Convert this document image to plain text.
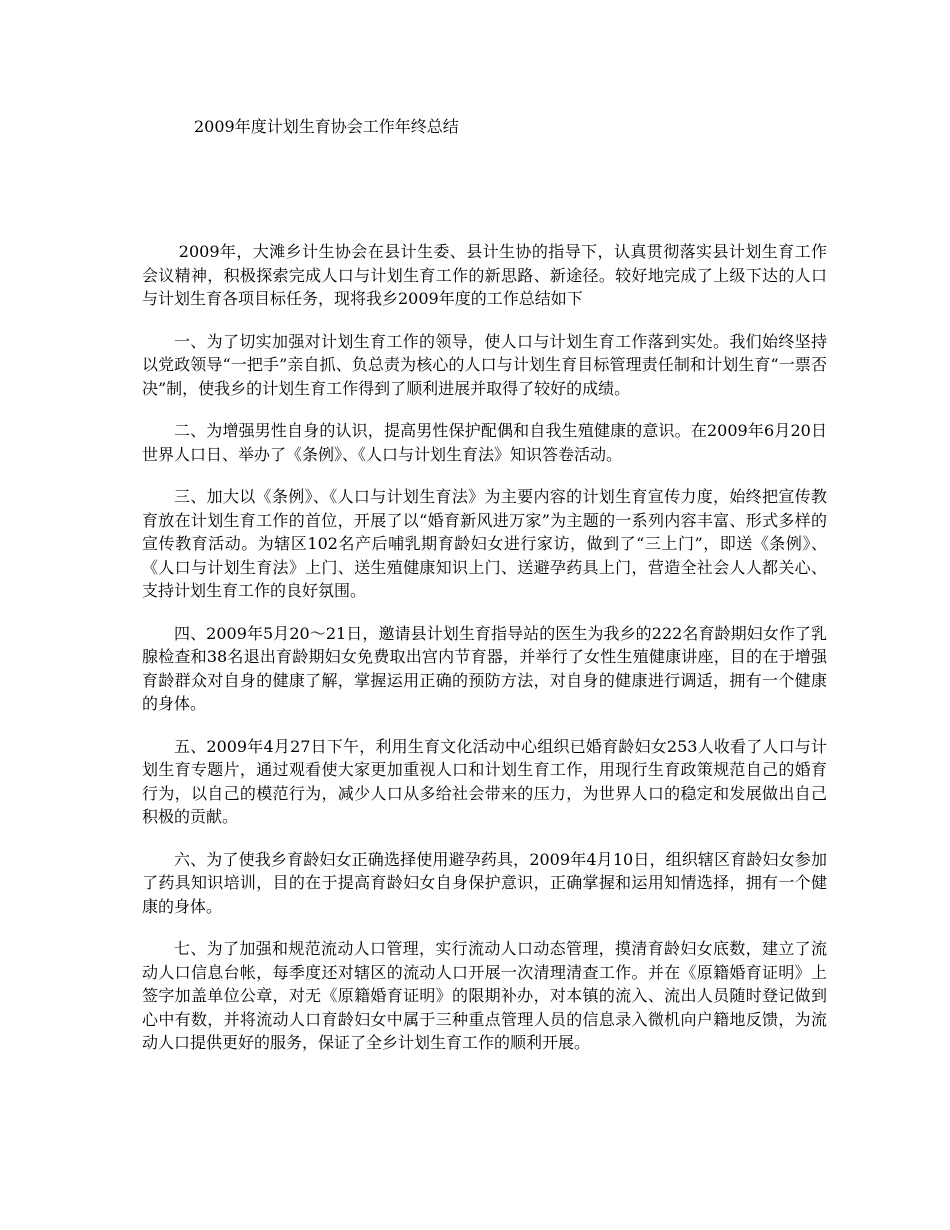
2009年度计划生育协会工作年终总结

2009年，大滩乡计生协会在县计生委、县计生协的指导下，认真贯彻落实县计划生育工作会议精神，积极探索完成人口与计划生育工作的新思路、新途径。较好地完成了上级下达的人口与计划生育各项目标任务，现将我乡2009年度的工作总结如下

一、为了切实加强对计划生育工作的领导，使人口与计划生育工作落到实处。我们始终坚持以党政领导“一把手”亲自抓、负总责为核心的人口与计划生育目标管理责任制和计划生育“一票否决”制，使我乡的计划生育工作得到了顺利进展并取得了较好的成绩。

二、为增强男性自身的认识，提高男性保护配偶和自我生殖健康的意识。在2009年6月20日世界人口日、举办了《条例》、《人口与计划生育法》知识答卷活动。

三、加大以《条例》、《人口与计划生育法》为主要内容的计划生育宣传力度，始终把宣传教育放在计划生育工作的首位，开展了以“婚育新风进万家”为主题的一系列内容丰富、形式多样的宣传教育活动。为辖区102名产后哺乳期育龄妇女进行家访，做到了“三上门”，即送《条例》、《人口与计划生育法》上门、送生殖健康知识上门、送避孕药具上门，营造全社会人人都关心、支持计划生育工作的良好氛围。

四、2009年5月20～21日，邀请县计划生育指导站的医生为我乡的222名育龄期妇女作了乳腺检查和38名退出育龄期妇女免费取出宫内节育器，并举行了女性生殖健康讲座，目的在于增强育龄群众对自身的健康了解，掌握运用正确的预防方法，对自身的健康进行调适，拥有一个健康的身体。

五、2009年4月27日下午，利用生育文化活动中心组织已婚育龄妇女253人收看了人口与计划生育专题片，通过观看使大家更加重视人口和计划生育工作，用现行生育政策规范自己的婚育行为，以自己的模范行为，减少人口从多给社会带来的压力，为世界人口的稳定和发展做出自己积极的贡献。

六、为了使我乡育龄妇女正确选择使用避孕药具，2009年4月10日，组织辖区育龄妇女参加了药具知识培训，目的在于提高育龄妇女自身保护意识，正确掌握和运用知情选择，拥有一个健康的身体。

七、为了加强和规范流动人口管理，实行流动人口动态管理，摸清育龄妇女底数，建立了流动人口信息台帐，每季度还对辖区的流动人口开展一次清理清查工作。并在《原籍婚育证明》上签字加盖单位公章，对无《原籍婚育证明》的限期补办，对本镇的流入、流出人员随时登记做到心中有数，并将流动人口育龄妇女中属于三种重点管理人员的信息录入微机向户籍地反馈，为流动人口提供更好的服务，保证了全乡计划生育工作的顺利开展。
